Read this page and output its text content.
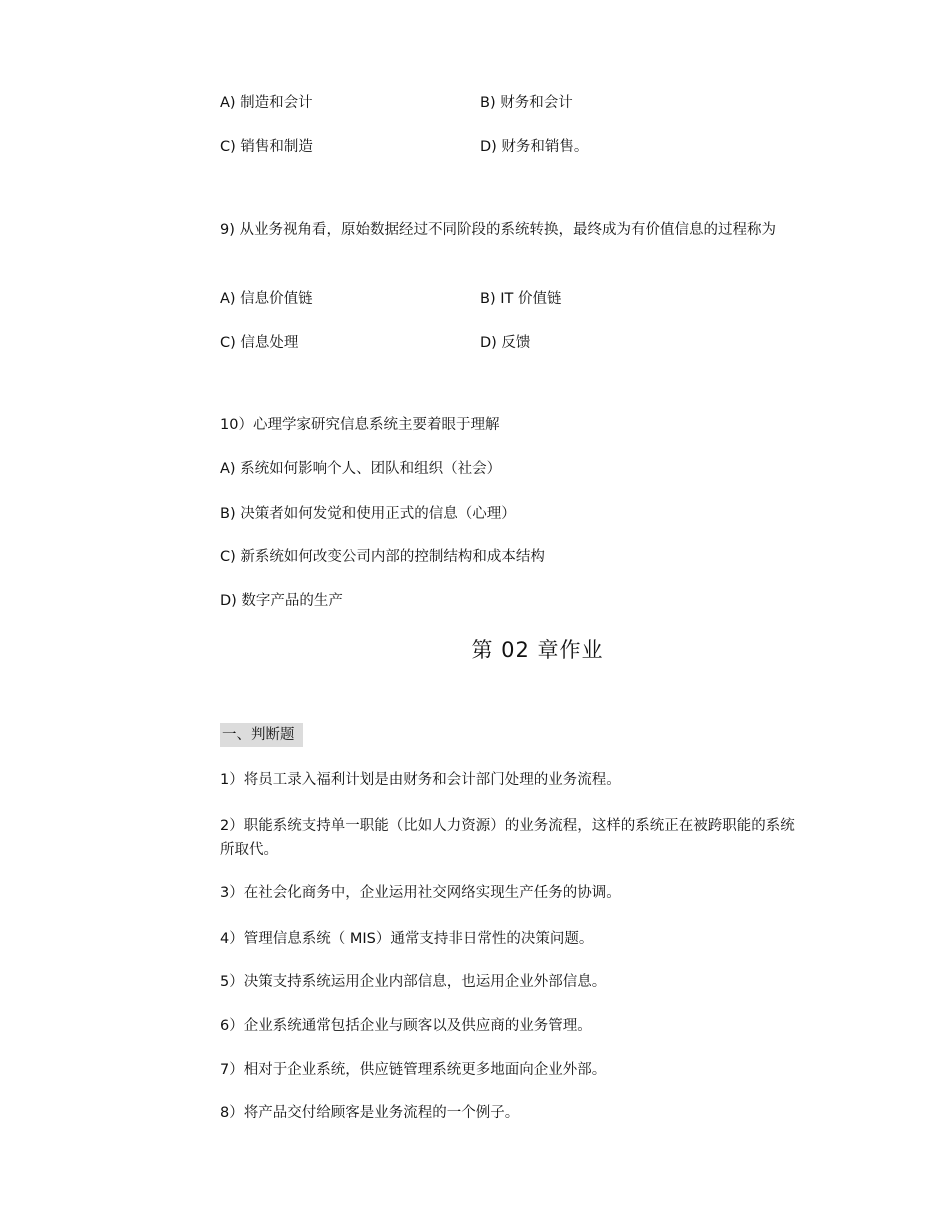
A) 制造和会计	B) 财务和会计
C) 销售和制造	D) 财务和销售。
9) 从业务视角看，原始数据经过不同阶段的系统转换，最终成为有价值信息的过程称为
A) 信息价值链	B) IT 价值链
C) 信息处理	D) 反馈
10）心理学家研究信息系统主要着眼于理解
A) 系统如何影响个人、团队和组织（社会）
B) 决策者如何发觉和使用正式的信息（心理）
C) 新系统如何改变公司内部的控制结构和成本结构
D) 数字产品的生产
第 02 章作业
一、判断题
1）将员工录入福利计划是由财务和会计部门处理的业务流程。
2）职能系统支持单一职能（比如人力资源）的业务流程，这样的系统正在被跨职能的系统所取代。
3）在社会化商务中，企业运用社交网络实现生产任务的协调。
4）管理信息系统（ MIS）通常支持非日常性的决策问题。
5）决策支持系统运用企业内部信息，也运用企业外部信息。
6）企业系统通常包括企业与顾客以及供应商的业务管理。
7）相对于企业系统，供应链管理系统更多地面向企业外部。
8）将产品交付给顾客是业务流程的一个例子。
